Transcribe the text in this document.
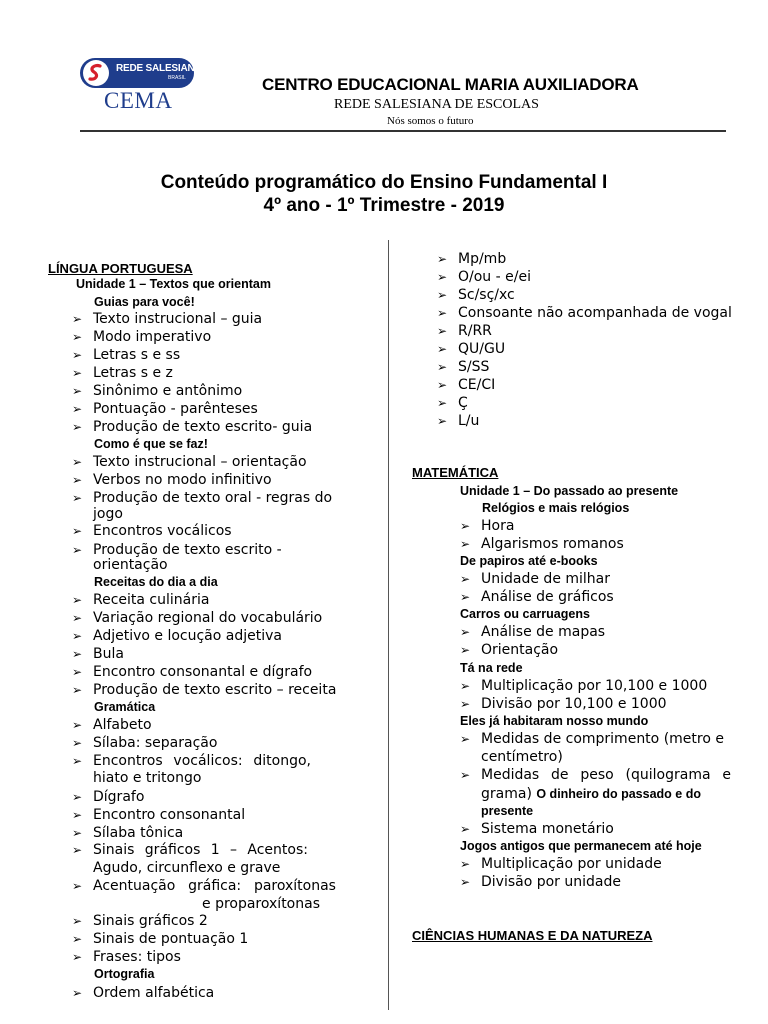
REDE SALESIANA
BRASIL
CEMA
CENTRO EDUCACIONAL MARIA AUXILIADORA
REDE SALESIANA DE ESCOLAS
Nós somos o futuro
Conteúdo programático do Ensino Fundamental I
4º ano - 1º Trimestre - 2019
LÍNGUA PORTUGUESA
Unidade 1 – Textos que orientam
Guias para você!
➢ Texto instrucional – guia
➢ Modo imperativo
➢ Letras s e ss
➢ Letras s e z
➢ Sinônimo e antônimo
➢ Pontuação - parênteses
➢ Produção de texto escrito- guia
Como é que se faz!
➢ Texto instrucional – orientação
➢ Verbos no modo infinitivo
➢ Produção de texto oral - regras do
jogo
➢ Encontros vocálicos
➢ Produção de texto escrito -
orientação
Receitas do dia a dia
➢ Receita culinária
➢ Variação regional do vocabulário
➢ Adjetivo e locução adjetiva
➢ Bula
➢ Encontro consonantal e dígrafo
➢ Produção de texto escrito – receita
Gramática
➢ Alfabeto
➢ Sílaba: separação
➢ Encontros vocálicos: ditongo,
hiato e tritongo
➢ Dígrafo
➢ Encontro consonantal
➢ Sílaba tônica
➢ Sinais gráficos 1 – Acentos:
Agudo, circunflexo e grave
➢ Acentuação gráfica: paroxítonas
e proparoxítonas
➢ Sinais gráficos 2
➢ Sinais de pontuação 1
➢ Frases: tipos
Ortografia
➢ Ordem alfabética
➢ Mp/mb
➢ O/ou - e/ei
➢ Sc/sç/xc
➢ Consoante não acompanhada de vogal
➢ R/RR
➢ QU/GU
➢ S/SS
➢ CE/CI
➢ Ç
➢ L/u
MATEMÁTICA
Unidade 1 – Do passado ao presente
Relógios e mais relógios
➢ Hora
➢ Algarismos romanos
De papiros até e-books
➢ Unidade de milhar
➢ Análise de gráficos
Carros ou carruagens
➢ Análise de mapas
➢ Orientação
Tá na rede
➢ Multiplicação por 10,100 e 1000
➢ Divisão por 10,100 e 1000
Eles já habitaram nosso mundo
➢ Medidas de comprimento (metro e
centímetro)
➢ Medidas de peso (quilograma e
grama) O dinheiro do passado e do
presente
➢ Sistema monetário
Jogos antigos que permanecem até hoje
➢ Multiplicação por unidade
➢ Divisão por unidade
CIÊNCIAS HUMANAS E DA NATUREZA
